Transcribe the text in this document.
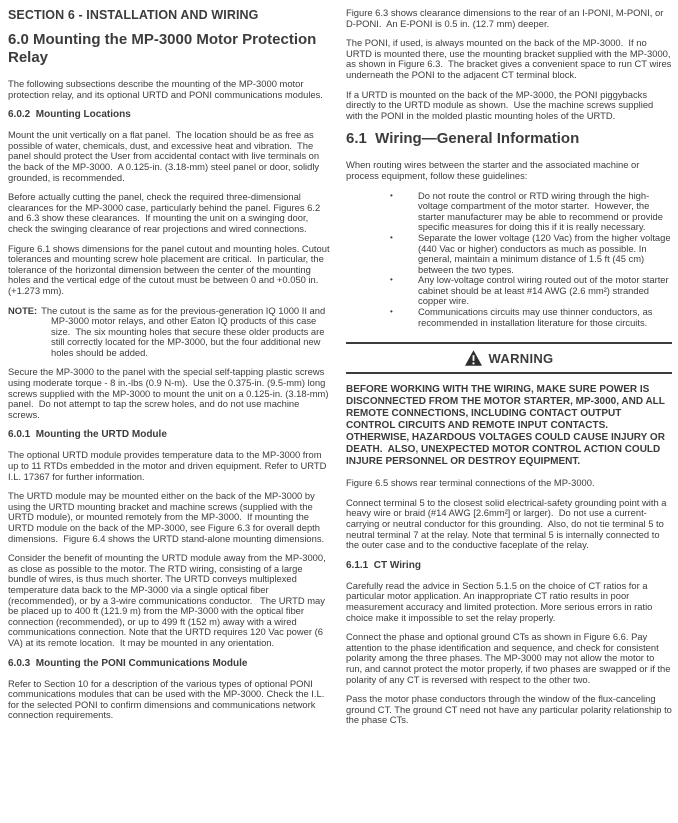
SECTION 6 - INSTALLATION AND WIRING
6.0 Mounting the MP-3000 Motor Protection Relay

The following subsections describe the mounting of the MP-3000 motor protection relay, and its optional URTD and PONI communications modules.

6.0.2  Mounting Locations

Mount the unit vertically on a flat panel.  The location should be as free as possible of water, chemicals, dust, and excessive heat and vibration.  The panel should protect the User from accidental contact with live terminals on the back of the MP-3000.  A 0.125-in. (3.18-mm) steel panel or door, solidly grounded, is recommended.

Before actually cutting the panel, check the required three-dimensional clearances for the MP-3000 case, particularly behind the panel. Figures 6.2 and 6.3 show these clearances.  If mounting the unit on a swinging door, check the swinging clearance of rear projections and wired connections.

Figure 6.1 shows dimensions for the panel cutout and mounting holes. Cutout tolerances and mounting screw hole placement are critical.  In particular, the tolerance of the horizontal dimension between the center of the mounting holes and the vertical edge of the cutout must be between 0 and +0.050 in. (+1.273 mm).

NOTE: The cutout is the same as for the previous-generation IQ 1000 II and MP-3000 motor relays, and other Eaton IQ products of this case size.  The six mounting holes that secure these older products are still correctly located for the MP-3000, but the four additional new holes should be added.

Secure the MP-3000 to the panel with the special self-tapping plastic screws using moderate torque - 8 in.-lbs (0.9 N-m).  Use the 0.375-in. (9.5-mm) long screws supplied with the MP-3000 to mount the unit on a 0.125-in. (3.18-mm) panel.  Do not attempt to tap the screw holes, and do not use machine screws.

6.0.1  Mounting the URTD Module

The optional URTD module provides temperature data to the MP-3000 from up to 11 RTDs embedded in the motor and driven equipment. Refer to URTD I.L. 17367 for further information.

The URTD module may be mounted either on the back of the MP-3000 by using the URTD mounting bracket and machine screws (supplied with the URTD module), or mounted remotely from the MP-3000.  If mounting the URTD module on the back of the MP-3000, see Figure 6.3 for overall depth dimensions.  Figure 6.4 shows the URTD stand-alone mounting dimensions.

Consider the benefit of mounting the URTD module away from the MP-3000, as close as possible to the motor. The RTD wiring, consisting of a large bundle of wires, is thus much shorter. The URTD conveys multiplexed temperature data back to the MP-3000 via a single optical fiber (recommended), or by a 3-wire communications conductor.   The URTD may be placed up to 400 ft (121.9 m) from the MP-3000 with the optical fiber connection (recommended), or up to 499 ft (152 m) away with a wired communications connection. Note that the URTD requires 120 Vac power (6 VA) at its remote location.  It may be mounted in any orientation.

6.0.3  Mounting the PONI Communications Module

Refer to Section 10 for a description of the various types of optional PONI communications modules that can be used with the MP-3000. Check the I.L. for the selected PONI to confirm dimensions and communications network connection requirements.

Figure 6.3 shows clearance dimensions to the rear of an I-PONI, M-PONI, or D-PONI.  An E-PONI is 0.5 in. (12.7 mm) deeper.

The PONI, if used, is always mounted on the back of the MP-3000.  If no URTD is mounted there, use the mounting bracket supplied with the MP-3000, as shown in Figure 6.3.  The bracket gives a convenient space to run CT wires underneath the PONI to the adjacent CT terminal block.

If a URTD is mounted on the back of the MP-3000, the PONI piggybacks directly to the URTD module as shown.  Use the machine screws supplied with the PONI in the molded plastic mounting holes of the URTD.

6.1  Wiring—General Information

When routing wires between the starter and the associated machine or process equipment, follow these guidelines:

•	Do not route the control or RTD wiring through the high-voltage compartment of the motor starter.  However, the starter manufacturer may be able to recommend or provide specific measures for doing this if it is really necessary.
•	Separate the lower voltage (120 Vac) from the higher voltage (440 Vac or higher) conductors as much as possible. In general, maintain a minimum distance of 1.5 ft (45 cm) between the two types.
•	Any low-voltage control wiring routed out of the motor starter cabinet should be at least #14 AWG (2.6 mm²) stranded copper wire.
•	Communications circuits may use thinner conductors, as recommended in installation literature for those circuits.
WARNING

BEFORE WORKING WITH THE WIRING, MAKE SURE POWER IS DISCONNECTED FROM THE MOTOR STARTER, MP-3000, AND ALL REMOTE CONNECTIONS, INCLUDING CONTACT OUTPUT CONTROL CIRCUITS AND REMOTE INPUT CONTACTS.  OTHERWISE, HAZARDOUS VOLTAGES COULD CAUSE INJURY OR DEATH.  ALSO, UNEXPECTED MOTOR CONTROL ACTION COULD INJURE PERSONNEL OR DESTROY EQUIPMENT.

Figure 6.5 shows rear terminal connections of the MP-3000.

Connect terminal 5 to the closest solid electrical-safety grounding point with a heavy wire or braid (#14 AWG [2.6mm²] or larger).  Do not use a current-carrying or neutral conductor for this grounding.  Also, do not tie terminal 5 to neutral terminal 7 at the relay. Note that terminal 5 is internally connected to the outer case and to the conductive faceplate of the relay.

6.1.1  CT Wiring

Carefully read the advice in Section 5.1.5 on the choice of CT ratios for a particular motor application. An inappropriate CT ratio results in poor measurement accuracy and limited protection. More serious errors in ratio choice make it impossible to set the relay properly.

Connect the phase and optional ground CTs as shown in Figure 6.6. Pay attention to the phase identification and sequence, and check for consistent polarity among the three phases. The MP-3000 may not allow the motor to run, and cannot protect the motor properly, if two phases are swapped or if the polarity of any CT is reversed with respect to the other two.

Pass the motor phase conductors through the window of the flux-canceling ground CT. The ground CT need not have any particular polarity relationship to the phase CTs.
